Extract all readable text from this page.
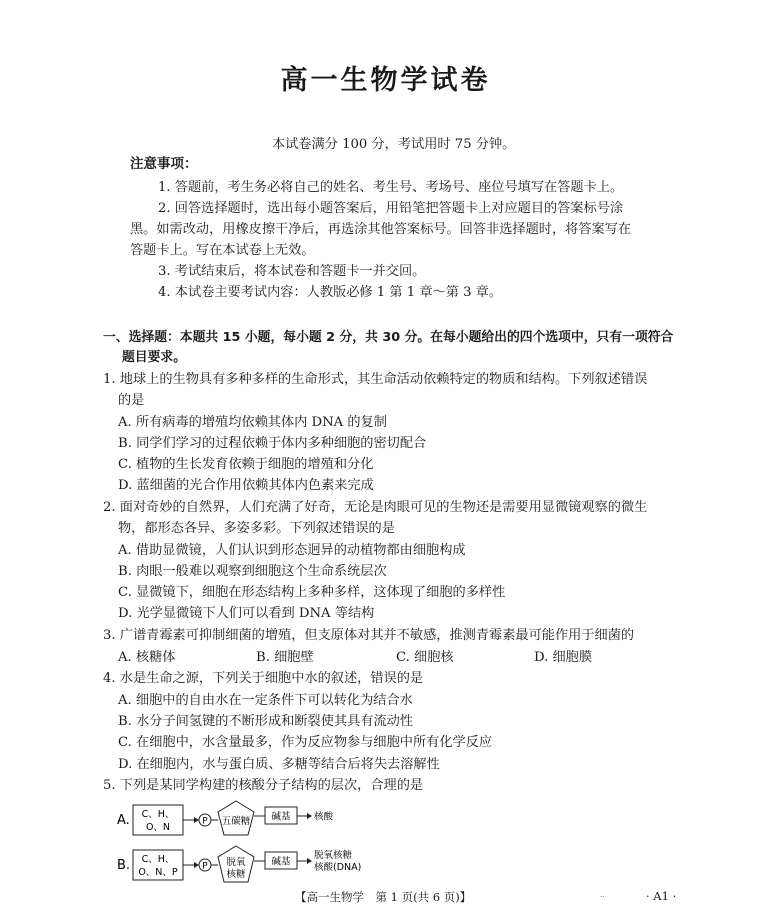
高一生物学试卷
本试卷满分 100 分，考试用时 75 分钟。
注意事项：
1. 答题前，考生务必将自己的姓名、考生号、考场号、座位号填写在答题卡上。
2. 回答选择题时，选出每小题答案后，用铅笔把答题卡上对应题目的答案标号涂
黑。如需改动，用橡皮擦干净后，再选涂其他答案标号。回答非选择题时，将答案写在
答题卡上。写在本试卷上无效。
3. 考试结束后，将本试卷和答题卡一并交回。
4. 本试卷主要考试内容：人教版必修 1 第 1 章～第 3 章。
一、选择题：本题共 15 小题，每小题 2 分，共 30 分。在每小题给出的四个选项中，只有一项符合
题目要求。
1. 地球上的生物具有多种多样的生命形式，其生命活动依赖特定的物质和结构。下列叙述错误
的是
A. 所有病毒的增殖均依赖其体内 DNA 的复制
B. 同学们学习的过程依赖于体内多种细胞的密切配合
C. 植物的生长发育依赖于细胞的增殖和分化
D. 蓝细菌的光合作用依赖其体内色素来完成
2. 面对奇妙的自然界，人们充满了好奇，无论是肉眼可见的生物还是需要用显微镜观察的微生
物，都形态各异、多姿多彩。下列叙述错误的是
A. 借助显微镜，人们认识到形态迥异的动植物都由细胞构成
B. 肉眼一般难以观察到细胞这个生命系统层次
C. 显微镜下，细胞在形态结构上多种多样，这体现了细胞的多样性
D. 光学显微镜下人们可以看到 DNA 等结构
3. 广谱青霉素可抑制细菌的增殖，但支原体对其并不敏感，推测青霉素最可能作用于细菌的
A. 核糖体	B. 细胞壁	C. 细胞核	D. 细胞膜
4. 水是生命之源，下列关于细胞中水的叙述，错误的是
A. 细胞中的自由水在一定条件下可以转化为结合水
B. 水分子间氢键的不断形成和断裂使其具有流动性
C. 在细胞中，水含量最多，作为反应物参与细胞中所有化学反应
D. 在细胞内，水与蛋白质、多糖等结合后将失去溶解性
5. 下列是某同学构建的核酸分子结构的层次，合理的是
A. C、H、
O、N
P 五碳糖 碱基 核酸
B. C、H、
O、N、P
P 脱氧
核糖
碱基
脱氧核糖
核酸(DNA)
【高一生物学　第 1 页(共 6 页)】	··	· A1 ·
